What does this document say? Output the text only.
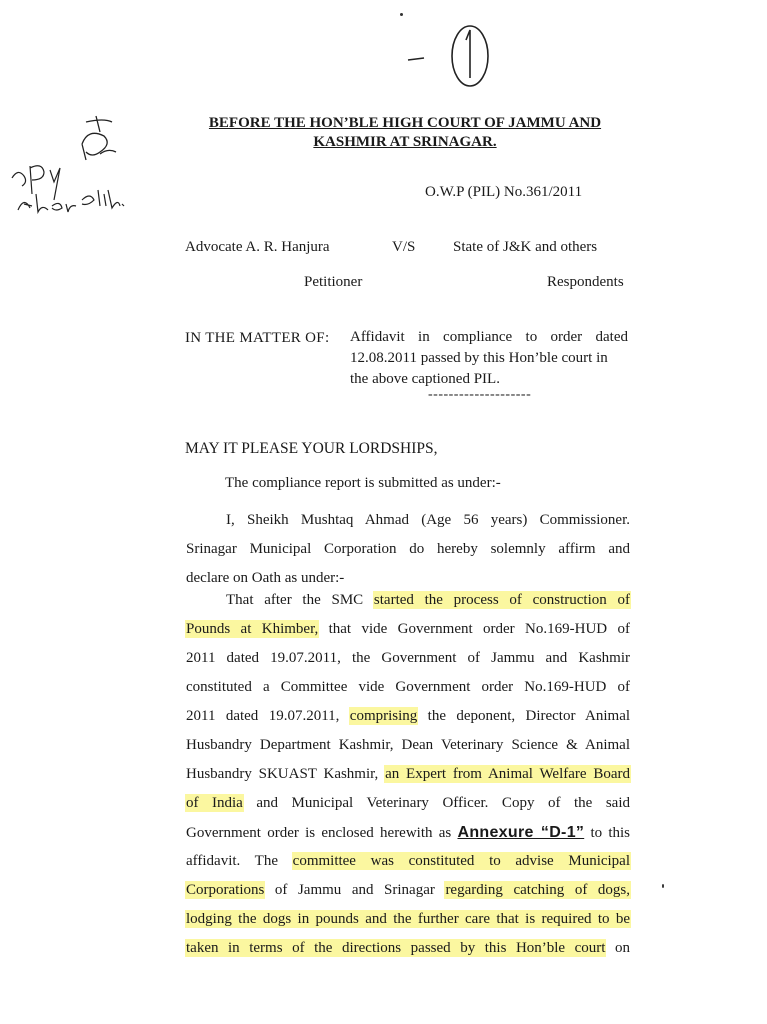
BEFORE THE HON’BLE HIGH COURT OF JAMMU AND
KASHMIR AT SRINAGAR.
O.W.P (PIL) No.361/2011
Advocate A. R. Hanjura	V/S	State of J&K and others
Petitioner	Respondents
IN THE MATTER OF: Affidavit in compliance to order dated
12.08.2011 passed by this Hon’ble court in
the above captioned PIL.
--------------------
MAY IT PLEASE YOUR LORDSHIPS,
The compliance report is submitted as under:-
I, Sheikh Mushtaq Ahmad (Age 56 years) Commissioner.
Srinagar Municipal Corporation do hereby solemnly affirm and
declare on Oath as under:-
That after the SMC started the process of construction of
Pounds at Khimber, that vide Government order No.169-HUD of
2011 dated 19.07.2011, the Government of Jammu and Kashmir
constituted a Committee vide Government order No.169-HUD of
2011 dated 19.07.2011, comprising the deponent, Director Animal
Husbandry Department Kashmir, Dean Veterinary Science & Animal
Husbandry SKUAST Kashmir, an Expert from Animal Welfare Board
of India and Municipal Veterinary Officer. Copy of the said
Government order is enclosed herewith as Annexure “D-1” to this
affidavit. The committee was constituted to advise Municipal
Corporations of Jammu and Srinagar regarding catching of dogs,
lodging the dogs in pounds and the further care that is required to be
taken in terms of the directions passed by this Hon’ble court on
